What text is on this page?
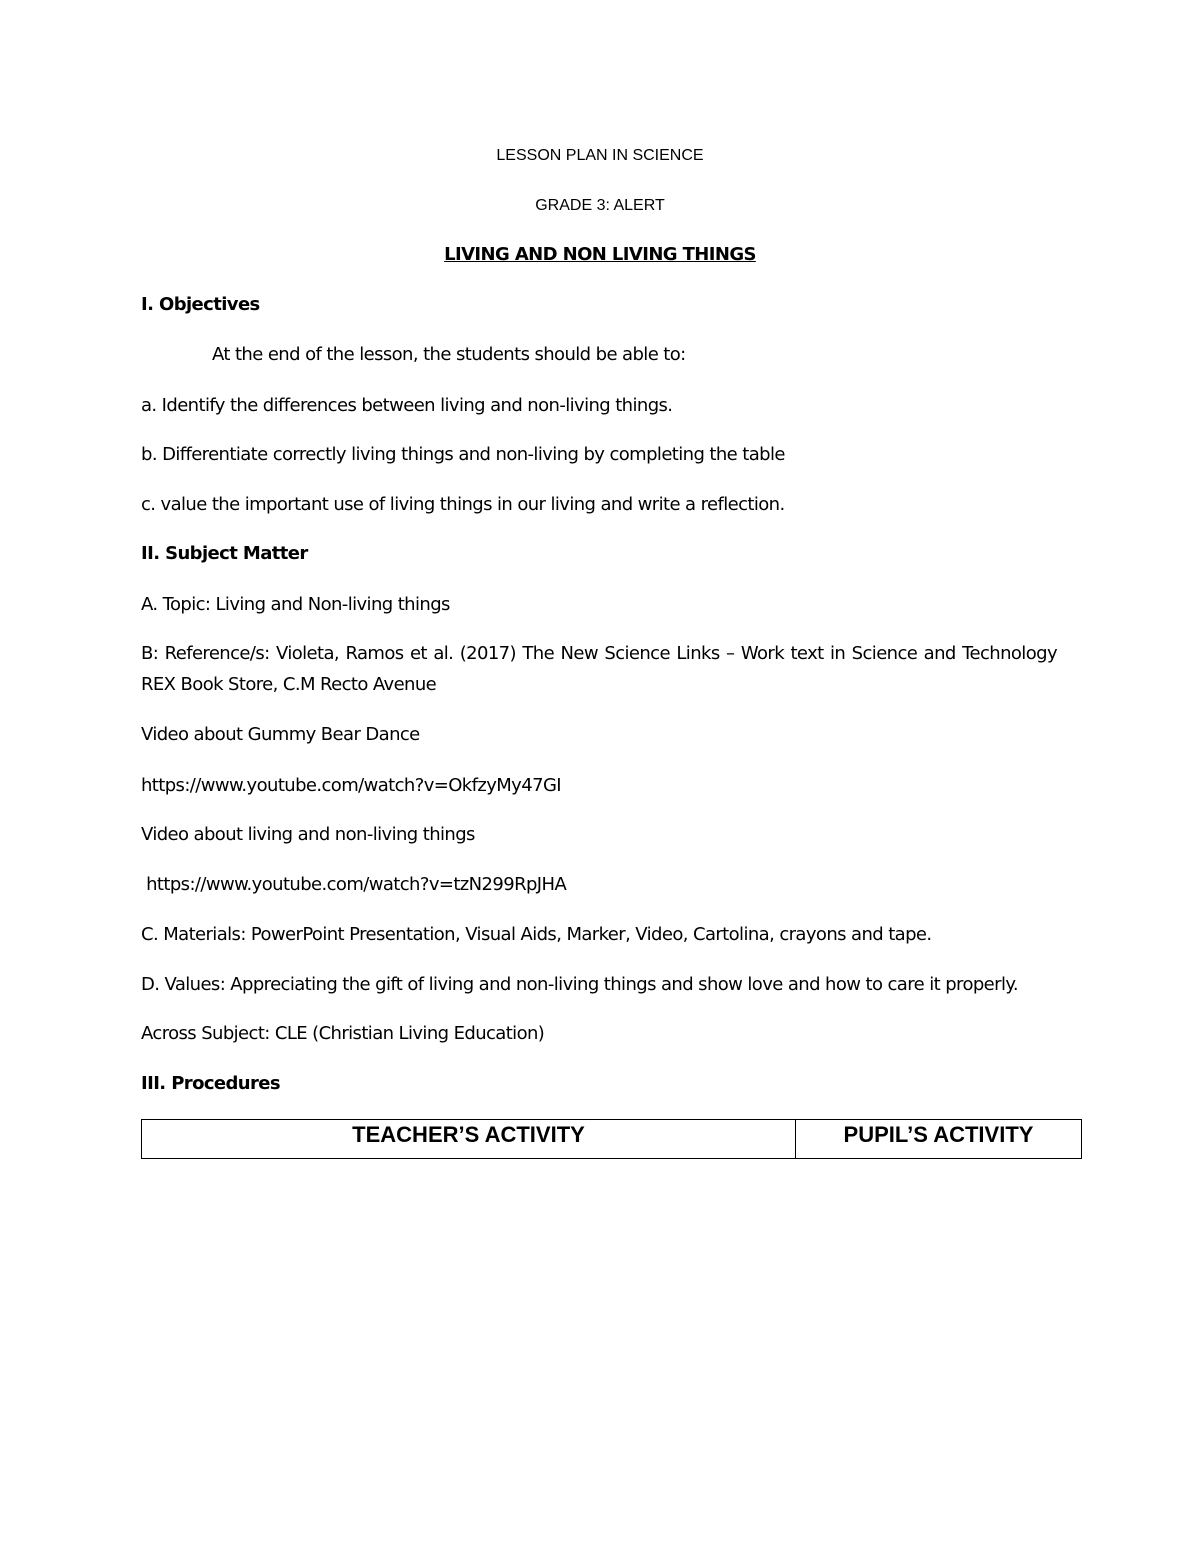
LESSON PLAN IN SCIENCE
GRADE 3: ALERT
LIVING AND NON LIVING THINGS
I. Objectives
At the end of the lesson, the students should be able to:
a. Identify the differences between living and non-living things.
b. Differentiate correctly living things and non-living by completing the table
c. value the important use of living things in our living and write a reflection.
II. Subject Matter
A. Topic: Living and Non-living things
B: Reference/s: Violeta, Ramos et al. (2017) The New Science Links – Work text in Science and Technology REX Book Store, C.M Recto Avenue
Video about Gummy Bear Dance
https://www.youtube.com/watch?v=OkfzyMy47GI
Video about living and non-living things
https://www.youtube.com/watch?v=tzN299RpJHA
C. Materials: PowerPoint Presentation, Visual Aids, Marker, Video, Cartolina, crayons and tape.
D. Values: Appreciating the gift of living and non-living things and show love and how to care it properly.
Across Subject: CLE (Christian Living Education)
III. Procedures
TEACHER’S ACTIVITY	PUPIL’S ACTIVITY
